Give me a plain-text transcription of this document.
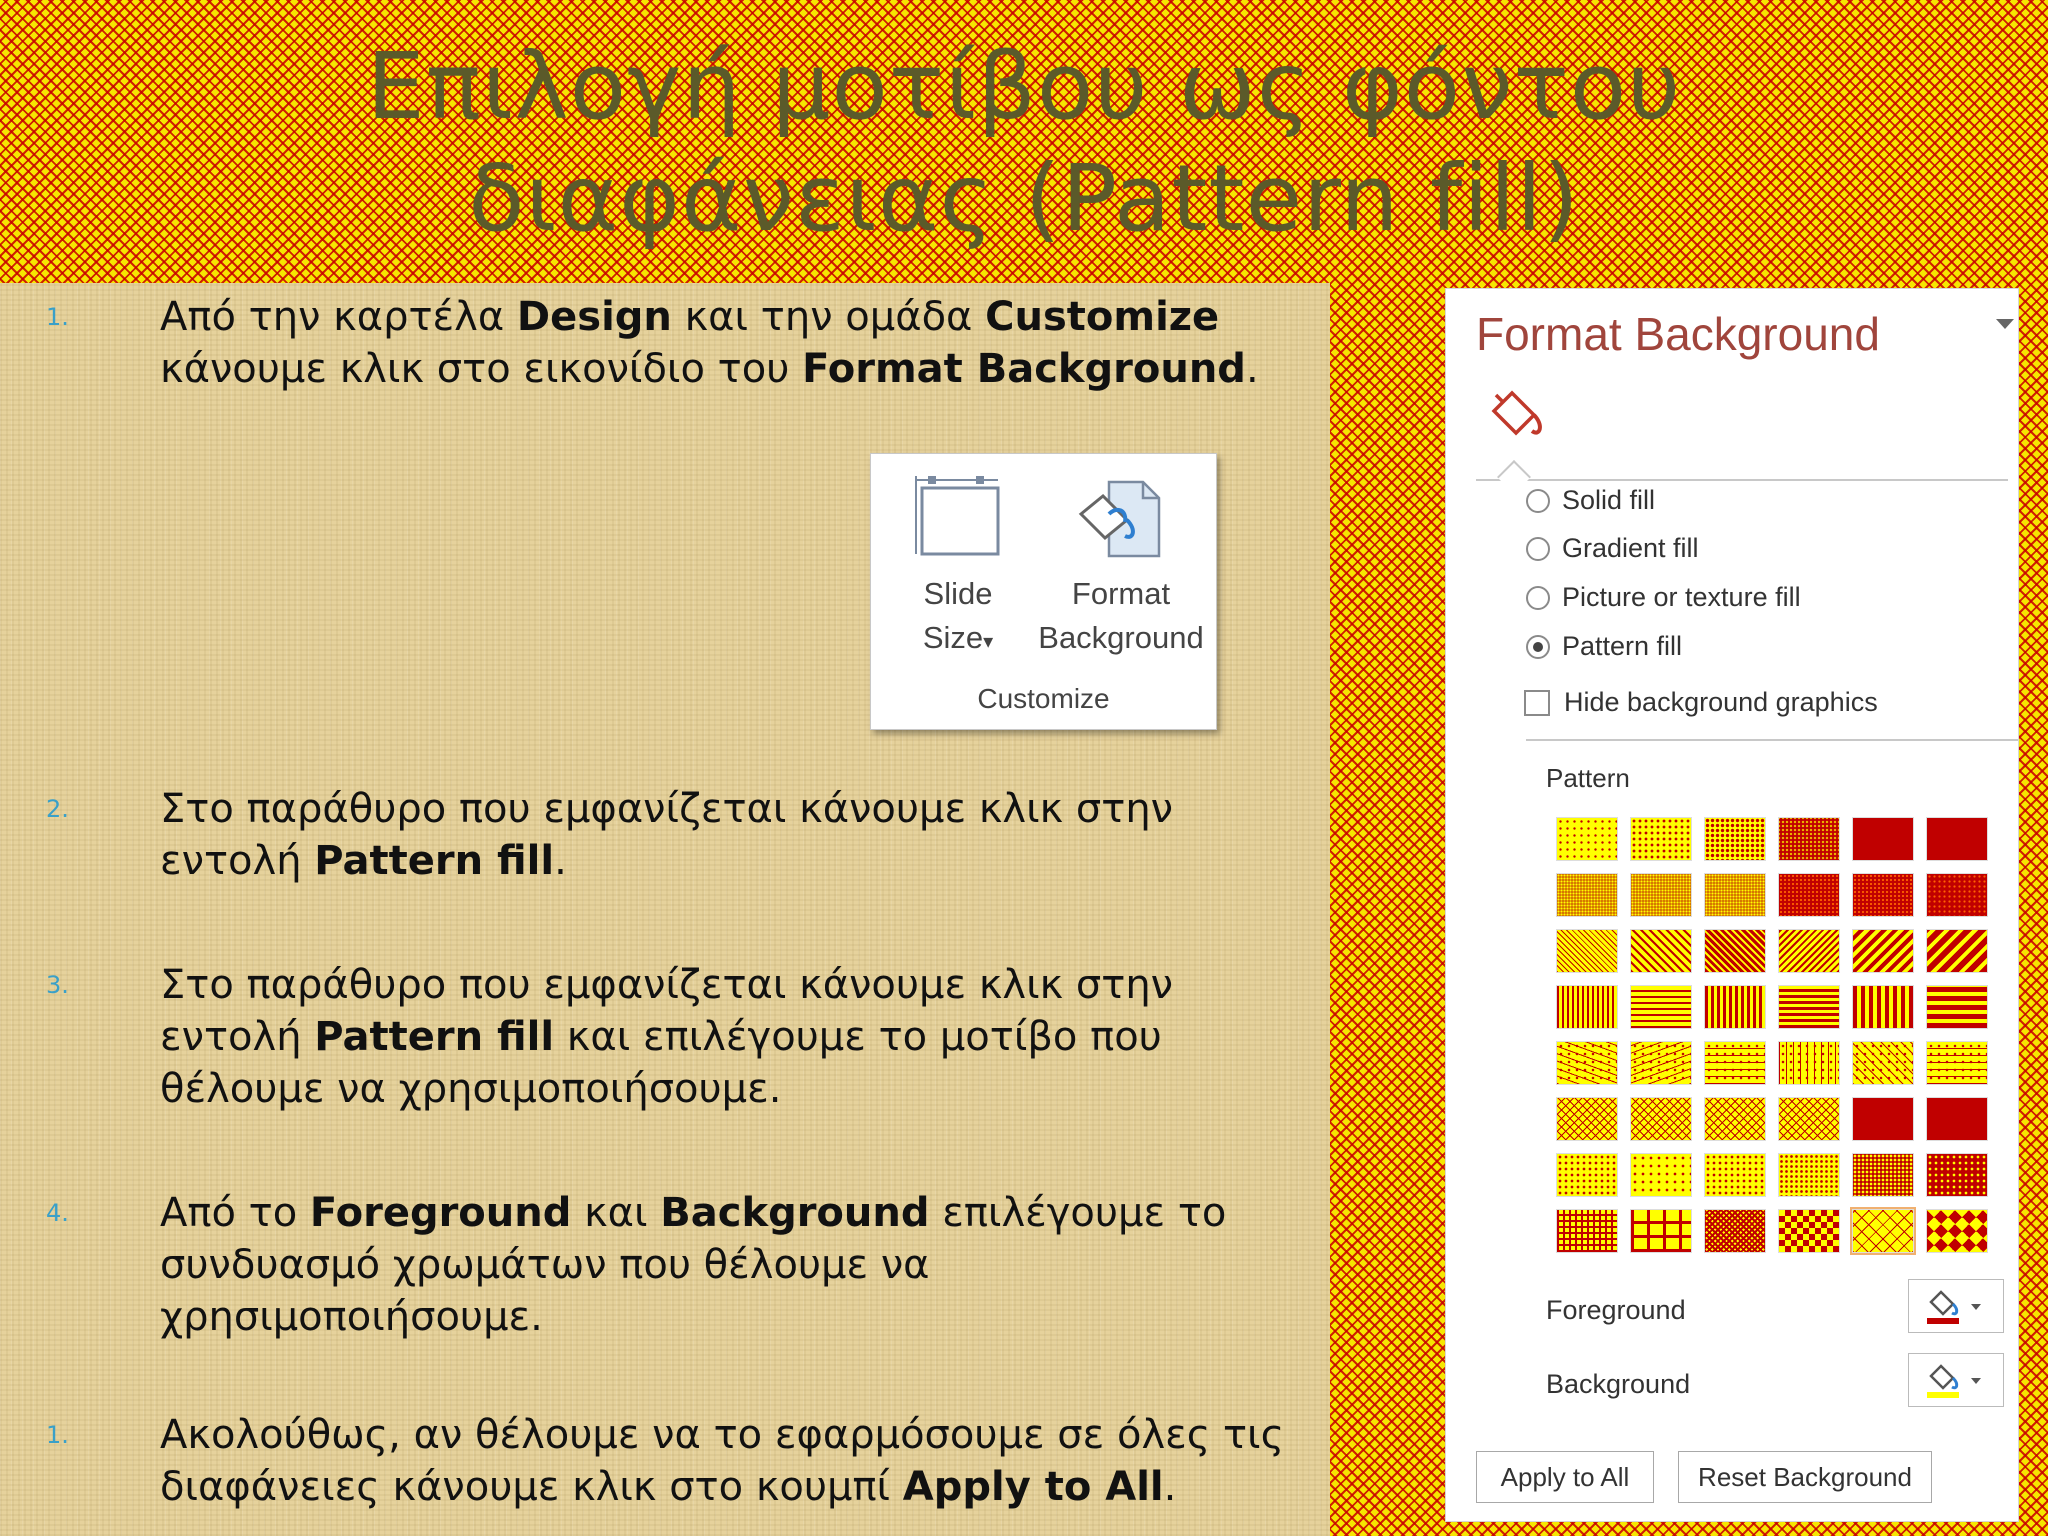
Επιλογή μοτίβου ως φόντου
διαφάνειας (Pattern fill)
1. Από την καρτέλα Design και την ομάδα Customize κάνουμε κλικ στο εικονίδιο του Format Background.
Slide
Size▾
Format
Background
Customize
2. Στο παράθυρο που εμφανίζεται κάνουμε κλικ στην εντολή Pattern fill.
3. Στο παράθυρο που εμφανίζεται κάνουμε κλικ στην εντολή Pattern fill και επιλέγουμε το μοτίβο που θέλουμε να χρησιμοποιήσουμε.
4. Από το Foreground και Background επιλέγουμε το συνδυασμό χρωμάτων που θέλουμε να χρησιμοποιήσουμε.
1. Ακολούθως, αν θέλουμε να το εφαρμόσουμε σε όλες τις διαφάνειες κάνουμε κλικ στο κουμπί Apply to All.
Format Background
Solid fill
Gradient fill
Picture or texture fill
Pattern fill
Hide background graphics
Pattern
Foreground
Background
Apply to All	Reset Background
